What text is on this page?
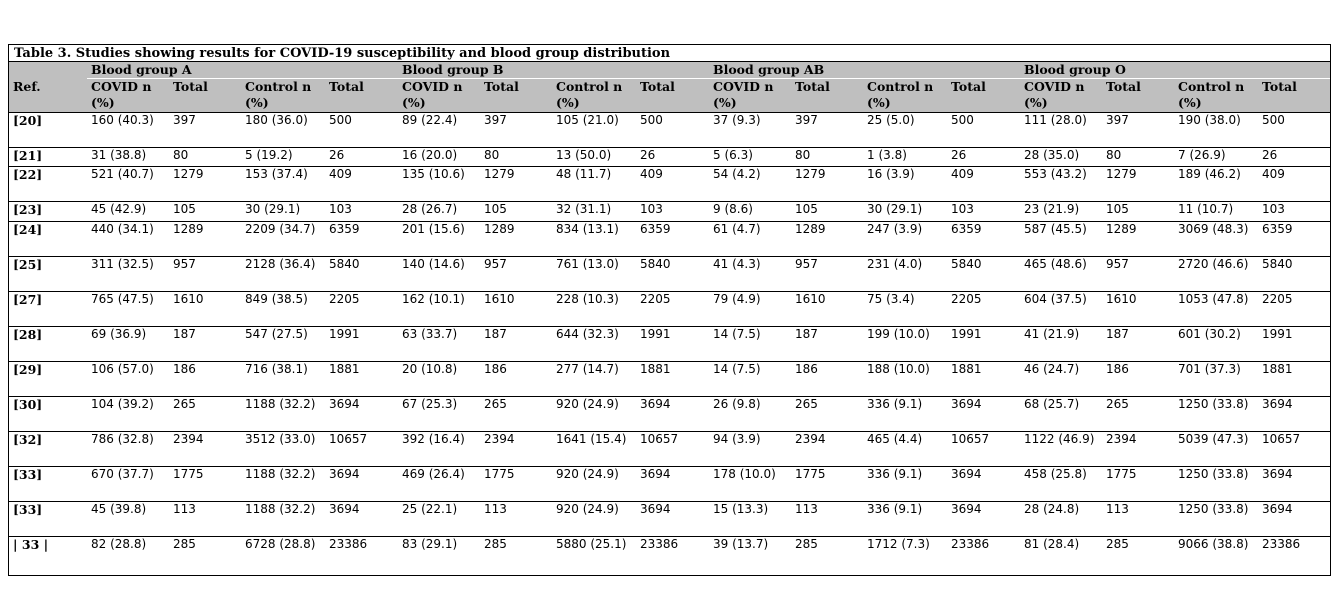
Table 3. Studies showing results for COVID-19 susceptibility and blood group distribution
Ref.	Blood group A				Blood group B				Blood group AB				Blood group O			
	COVID n (%)	Total	Control n (%)	Total	COVID n (%)	Total	Control n (%)	Total	COVID n (%)	Total	Control n (%)	Total	COVID n (%)	Total	Control n (%)	Total
[20]	160 (40.3)	397	180 (36.0)	500	89 (22.4)	397	105 (21.0)	500	37 (9.3)	397	25 (5.0)	500	111 (28.0)	397	190 (38.0)	500
[21]	31 (38.8)	80	5 (19.2)	26	16 (20.0)	80	13 (50.0)	26	5 (6.3)	80	1 (3.8)	26	28 (35.0)	80	7 (26.9)	26
[22]	521 (40.7)	1279	153 (37.4)	409	135 (10.6)	1279	48 (11.7)	409	54 (4.2)	1279	16 (3.9)	409	553 (43.2)	1279	189 (46.2)	409
[23]	45 (42.9)	105	30 (29.1)	103	28 (26.7)	105	32 (31.1)	103	9 (8.6)	105	30 (29.1)	103	23 (21.9)	105	11 (10.7)	103
[24]	440 (34.1)	1289	2209 (34.7)	6359	201 (15.6)	1289	834 (13.1)	6359	61 (4.7)	1289	247 (3.9)	6359	587 (45.5)	1289	3069 (48.3)	6359
[25]	311 (32.5)	957	2128 (36.4)	5840	140 (14.6)	957	761 (13.0)	5840	41 (4.3)	957	231 (4.0)	5840	465 (48.6)	957	2720 (46.6)	5840
[27]	765 (47.5)	1610	849 (38.5)	2205	162 (10.1)	1610	228 (10.3)	2205	79 (4.9)	1610	75 (3.4)	2205	604 (37.5)	1610	1053 (47.8)	2205
[28]	69 (36.9)	187	547 (27.5)	1991	63 (33.7)	187	644 (32.3)	1991	14 (7.5)	187	199 (10.0)	1991	41 (21.9)	187	601 (30.2)	1991
[29]	106 (57.0)	186	716 (38.1)	1881	20 (10.8)	186	277 (14.7)	1881	14 (7.5)	186	188 (10.0)	1881	46 (24.7)	186	701 (37.3)	1881
[30]	104 (39.2)	265	1188 (32.2)	3694	67 (25.3)	265	920 (24.9)	3694	26 (9.8)	265	336 (9.1)	3694	68 (25.7)	265	1250 (33.8)	3694
[32]	786 (32.8)	2394	3512 (33.0)	10657	392 (16.4)	2394	1641 (15.4)	10657	94 (3.9)	2394	465 (4.4)	10657	1122 (46.9)	2394	5039 (47.3)	10657
[33]	670 (37.7)	1775	1188 (32.2)	3694	469 (26.4)	1775	920 (24.9)	3694	178 (10.0)	1775	336 (9.1)	3694	458 (25.8)	1775	1250 (33.8)	3694
[33]	45 (39.8)	113	1188 (32.2)	3694	25 (22.1)	113	920 (24.9)	3694	15 (13.3)	113	336 (9.1)	3694	28 (24.8)	113	1250 (33.8)	3694
| 33 |	82 (28.8)	285	6728 (28.8)	23386	83 (29.1)	285	5880 (25.1)	23386	39 (13.7)	285	1712 (7.3)	23386	81 (28.4)	285	9066 (38.8)	23386
